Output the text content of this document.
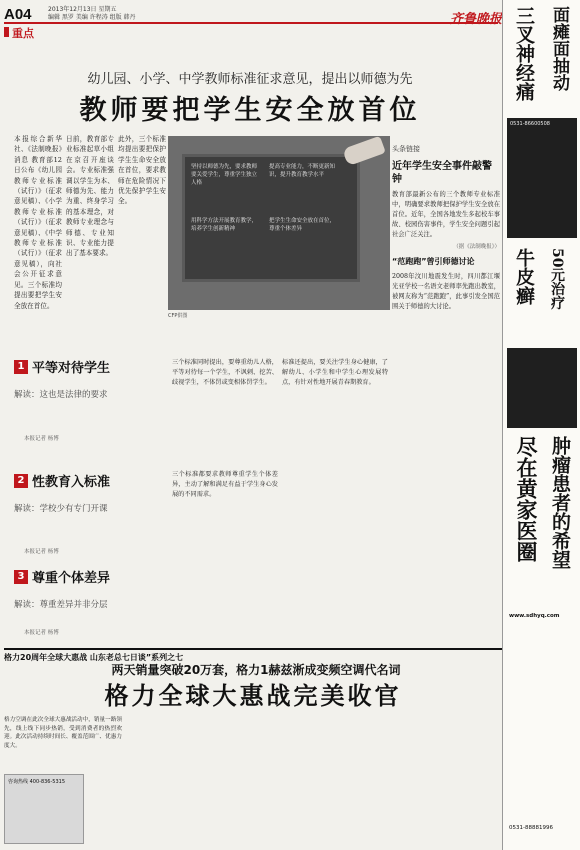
A04	2013年12月13日 星期五
编辑 黑罗 美编 许程涛 组版 韩丹	齐鲁晚报
重点
幼儿园、小学、中学教师标准征求意见，提出以师德为先
教师要把学生安全放首位
本报综合新华社、《法制晚报》消息 教育部12日公布《幼儿园教师专业标准（试行）》（征求意见稿）、《小学教师专业标准（试行）》（征求意见稿）、《中学教师专业标准（试行）》（征求意见稿），向社会公开征求意见。三个标准均提出要把学生安全放在首位。
日前，教育部专业标准起草小组在京召开座谈会。专业标准强调以学生为本、师德为先、能力为重、终身学习的基本理念，对教师专业理念与师德、专业知识、专业能力提出了基本要求。
此外，三个标准均提出要把保护学生生命安全放在首位，要求教师在危险情况下优先保护学生安全。
坚持以师德为先，要求教师要关爱学生，尊重学生独立人格
提高专业能力，不断更新知识，提升教育教学水平
用科学方法开展教育教学，培养学生创新精神
把学生生命安全放在首位，尊重个体差异
CFP供图
头条链接
近年学生安全事件敲警钟
教育部最新公布的三个教师专业标准中，明确要求教师把保护学生安全放在首位。近年，全国各地发生多起校车事故、校园伤害事件，学生安全问题引起社会广泛关注。
（据《法制晚报》）
“范跑跑”曾引师德讨论
2008年汶川地震发生时，四川都江堰光亚学校一名语文老师率先跑出教室，被网友称为“范跑跑”，此事引发全国范围关于师德的大讨论。
1 平等对待学生
解读：这也是法律的要求
本报记者 杨博
2 性教育入标准
解读：学校少有专门开课
本报记者 杨博
3 尊重个体差异
解读：尊重差异并非分层
本报记者 杨博
三个标准同时提出，要尊重幼儿人格，平等对待每一个学生，不讽刺、挖苦、歧视学生，不体罚或变相体罚学生。
标准还提出，要关注学生身心健康，了解幼儿、小学生和中学生心理发展特点，有针对性地开展青春期教育。
三个标准都要求教师尊重学生个体差异，主动了解和满足有益于学生身心发展的不同需求。
格力20周年全球大惠战 山东老总七日谈”系列之七
两天销量突破20万套，格力1赫兹淅成变频空调代名词
格力全球大惠战完美收官
格力空调在此次全球大惠战活动中，销量一路领先，线上线下同步热销，受到消费者的热烈欢迎。此次活动持续时间长、覆盖范围广、优惠力度大。
咨询热线 400-836-5315
三叉神经痛 面瘫面抽动
0531-86600508
牛皮癣 50元治疗
尽在黄家医圈 肿瘤患者的希望
www.sdhyq.com
0531-88881996
